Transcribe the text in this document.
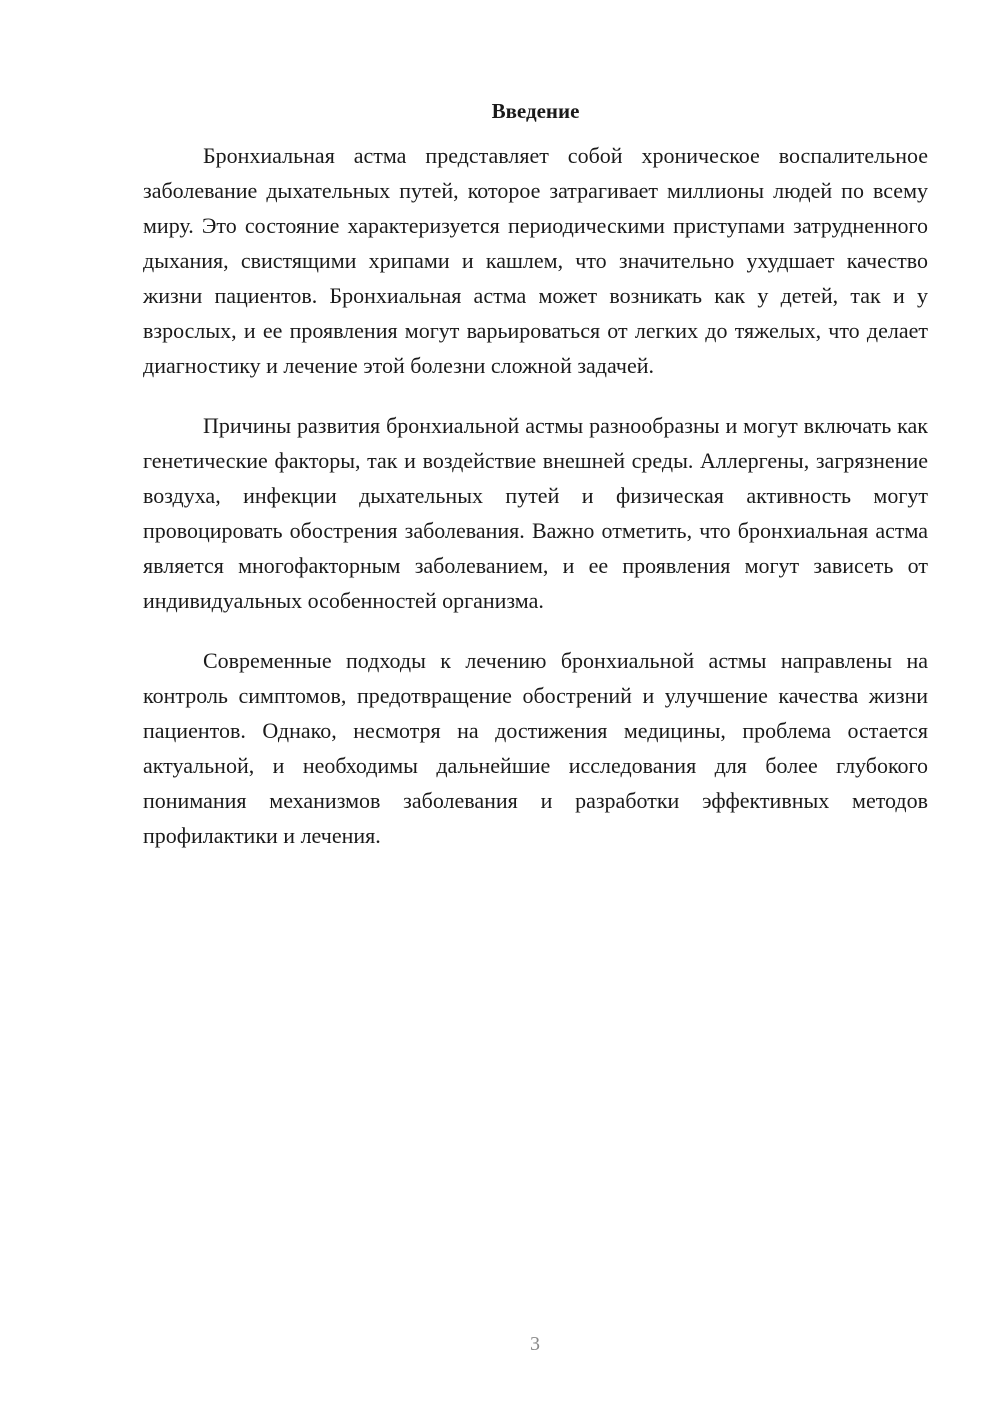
Введение

Бронхиальная астма представляет собой хроническое воспалительное заболевание дыхательных путей, которое затрагивает миллионы людей по всему миру. Это состояние характеризуется периодическими приступами затрудненного дыхания, свистящими хрипами и кашлем, что значительно ухудшает качество жизни пациентов. Бронхиальная астма может возникать как у детей, так и у взрослых, и ее проявления могут варьироваться от легких до тяжелых, что делает диагностику и лечение этой болезни сложной задачей.

Причины развития бронхиальной астмы разнообразны и могут включать как генетические факторы, так и воздействие внешней среды. Аллергены, загрязнение воздуха, инфекции дыхательных путей и физическая активность могут провоцировать обострения заболевания. Важно отметить, что бронхиальная астма является многофакторным заболеванием, и ее проявления могут зависеть от индивидуальных особенностей организма.

Современные подходы к лечению бронхиальной астмы направлены на контроль симптомов, предотвращение обострений и улучшение качества жизни пациентов. Однако, несмотря на достижения медицины, проблема остается актуальной, и необходимы дальнейшие исследования для более глубокого понимания механизмов заболевания и разработки эффективных методов профилактики и лечения.

3
